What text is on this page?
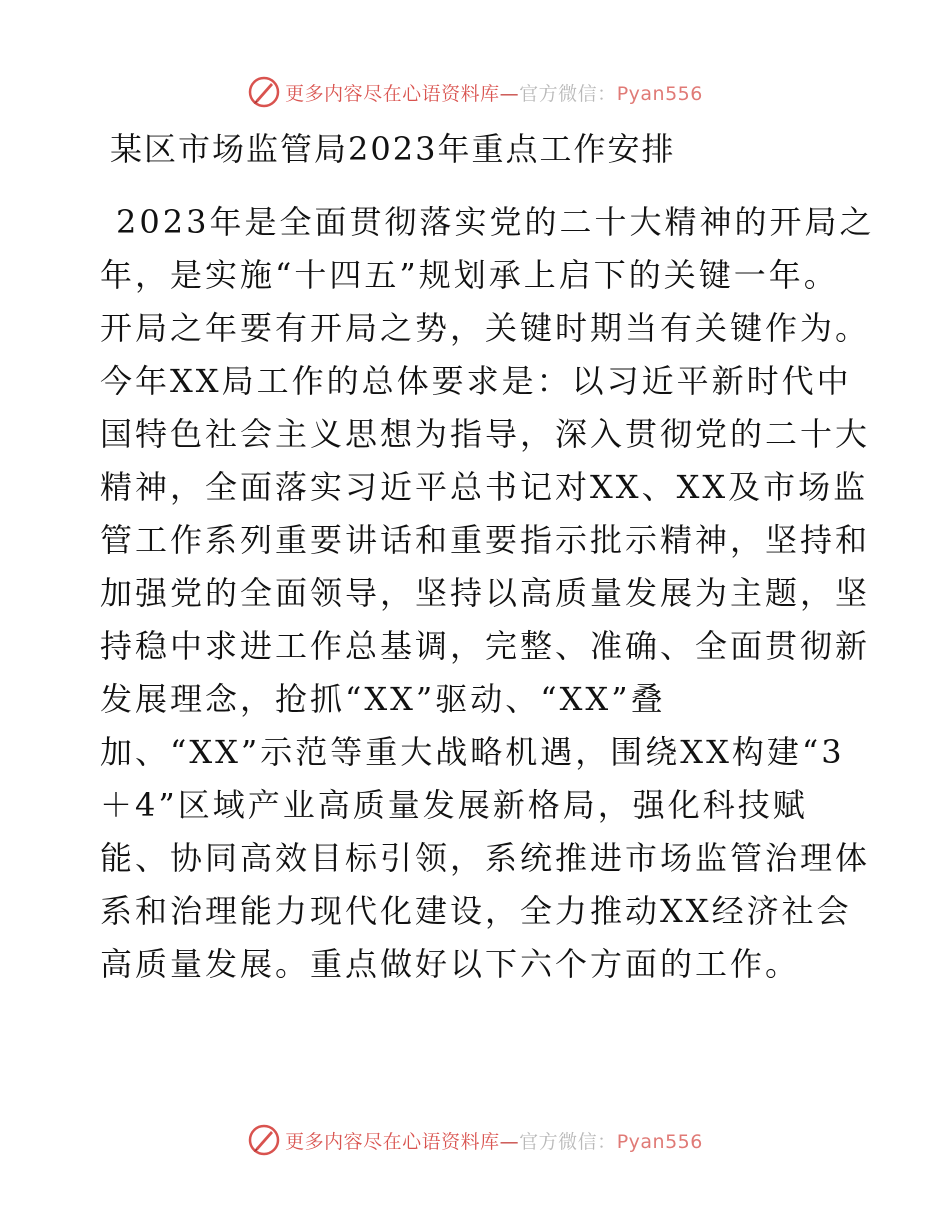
更多内容尽在心语资料库—官方微信：Pyan556
某区市场监管局2023年重点工作安排
2023年是全面贯彻落实党的二十大精神的开局之
年，是实施“十四五”规划承上启下的关键一年。
开局之年要有开局之势，关键时期当有关键作为。
今年XX局工作的总体要求是：以习近平新时代中
国特色社会主义思想为指导，深入贯彻党的二十大
精神，全面落实习近平总书记对XX、XX及市场监
管工作系列重要讲话和重要指示批示精神，坚持和
加强党的全面领导，坚持以高质量发展为主题，坚
持稳中求进工作总基调，完整、准确、全面贯彻新
发展理念，抢抓“XX”驱动、“XX”叠
加、“XX”示范等重大战略机遇，围绕XX构建“3
＋4”区域产业高质量发展新格局，强化科技赋
能、协同高效目标引领，系统推进市场监管治理体
系和治理能力现代化建设，全力推动XX经济社会
高质量发展。重点做好以下六个方面的工作。
更多内容尽在心语资料库—官方微信：Pyan556
